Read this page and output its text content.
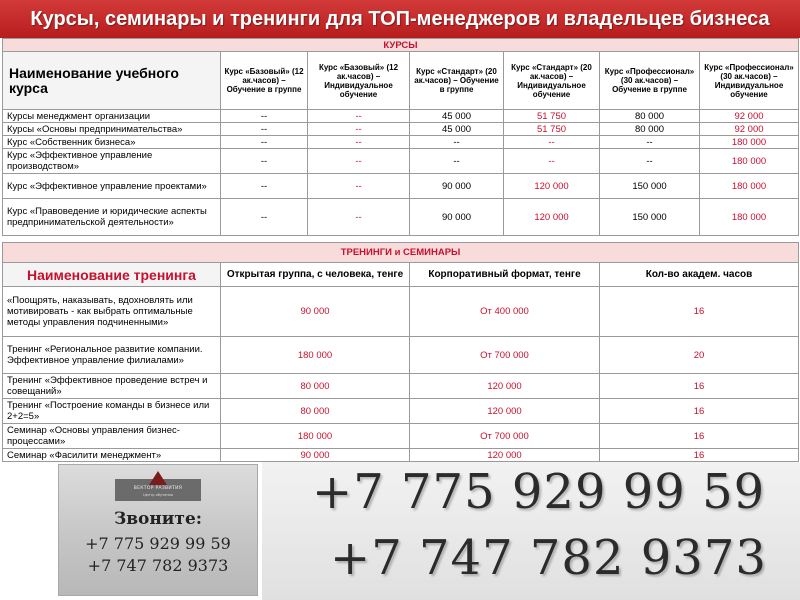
Курсы, семинары и тренинги для ТОП-менеджеров и владельцев бизнеса
КУРСЫ						
Наименование учебного курса	Курс «Базовый» (12 ак.часов) – Обучение в группе	Курс «Базовый» (12 ак.часов) – Индивидуальное обучение	Курс «Стандарт» (20 ак.часов) – Обучение в группе	Курс «Стандарт» (20 ак.часов) – Индивидуальное обучение	Курс «Профессионал» (30 ак.часов) – Обучение в группе	Курс «Профессионал» (30 ак.часов) – Индивидуальное обучение
Курсы менеджмент организации	--	--	45 000	51 750	80 000	92 000
Курсы «Основы предпринимательства»	--	--	45 000	51 750	80 000	92 000
Курс «Собственник бизнеса»	--	--	--	--	--	180 000
Курс «Эффективное управление производством»	--	--	--	--	--	180 000
Курс «Эффективное управление проектами»	--	--	90 000	120 000	150 000	180 000
Курс «Правоведение и юридические аспекты предпринимательской деятельности»	--	--	90 000	120 000	150 000	180 000
ТРЕНИНГИ и СЕМИНАРЫ			
Наименование тренинга	Открытая группа, с человека, тенге	Корпоративный формат, тенге	Кол-во академ. часов
«Поощрять, наказывать, вдохновлять или мотивировать - как выбрать оптимальные методы управления подчиненными»	90 000	От 400 000	16
Тренинг «Региональное развитие компании. Эффективное управление филиалами»	180 000	От 700 000	20
Тренинг «Эффективное проведение встреч и совещаний»	80 000	120 000	16
Тренинг «Построение команды в бизнесе или 2+2=5»	80 000	120 000	16
Семинар «Основы управления бизнес-процессами»	180 000	От 700 000	16
Семинар «Фасилити менеджмент»	90 000	120 000	16
ВЕКТОР РАЗВИТИЯ
Центр обучения
Звоните:
+7 775 929 99 59
+7 747 782 9373
+7 775 929 99 59
+7 747 782 9373
